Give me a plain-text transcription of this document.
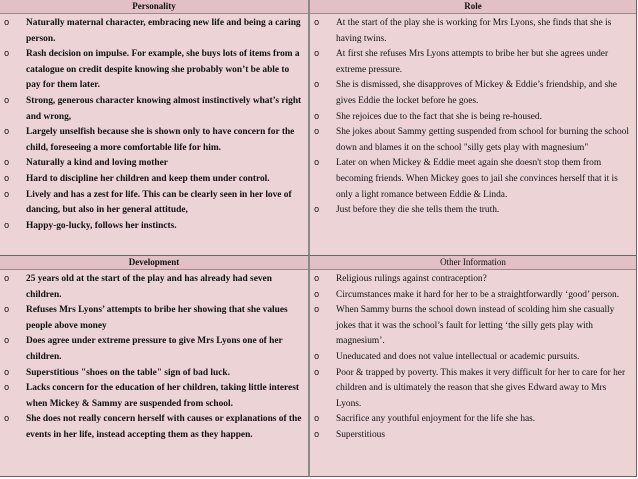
Personality
o Naturally maternal character, embracing new life and being a caring person.
o Rash decision on impulse. For example, she buys lots of items from a catalogue on credit despite knowing she probably won’t be able to pay for them later.
o Strong, generous character knowing almost instinctively what’s right and wrong,
o Largely unselfish because she is shown only to have concern for the child, foreseeing a more comfortable life for him.
o Naturally a kind and loving mother
o Hard to discipline her children and keep them under control.
o Lively and has a zest for life. This can be clearly seen in her love of dancing, but also in her general attitude,
o Happy-go-lucky, follows her instincts.
Role
o At the start of the play she is working for Mrs Lyons, she finds that she is having twins.
o At first she refuses Mrs Lyons attempts to bribe her but she agrees under extreme pressure.
o She is dismissed, she disapproves of Mickey & Eddie’s friendship, and she gives Eddie the locket before he goes.
o She rejoices due to the fact that she is being re-housed.
o She jokes about Sammy getting suspended from school for burning the school down and blames it on the school "silly gets play with magnesium"
o Later on when Mickey & Eddie meet again she doesn't stop them from becoming friends. When Mickey goes to jail she convinces herself that it is only a light romance between Eddie & Linda.
o Just before they die she tells them the truth.
Development
o 25 years old at the start of the play and has already had seven children.
o Refuses Mrs Lyons’ attempts to bribe her showing that she values people above money
o Does agree under extreme pressure to give Mrs Lyons one of her children.
o Superstitious "shoes on the table" sign of bad luck.
o Lacks concern for the education of her children, taking little interest when Mickey & Sammy are suspended from school.
o She does not really concern herself with causes or explanations of the events in her life, instead accepting them as they happen.
Other Information
o Religious rulings against contraception?
o Circumstances make it hard for her to be a straightforwardly ‘good’ person.
o When Sammy burns the school down instead of scolding him she casually jokes that it was the school’s fault for letting ‘the silly gets play with magnesium’.
o Uneducated and does not value intellectual or academic pursuits.
o Poor & trapped by poverty. This makes it very difficult for her to care for her children and is ultimately the reason that she gives Edward away to Mrs Lyons.
o Sacrifice any youthful enjoyment for the life she has.
o Superstitious
